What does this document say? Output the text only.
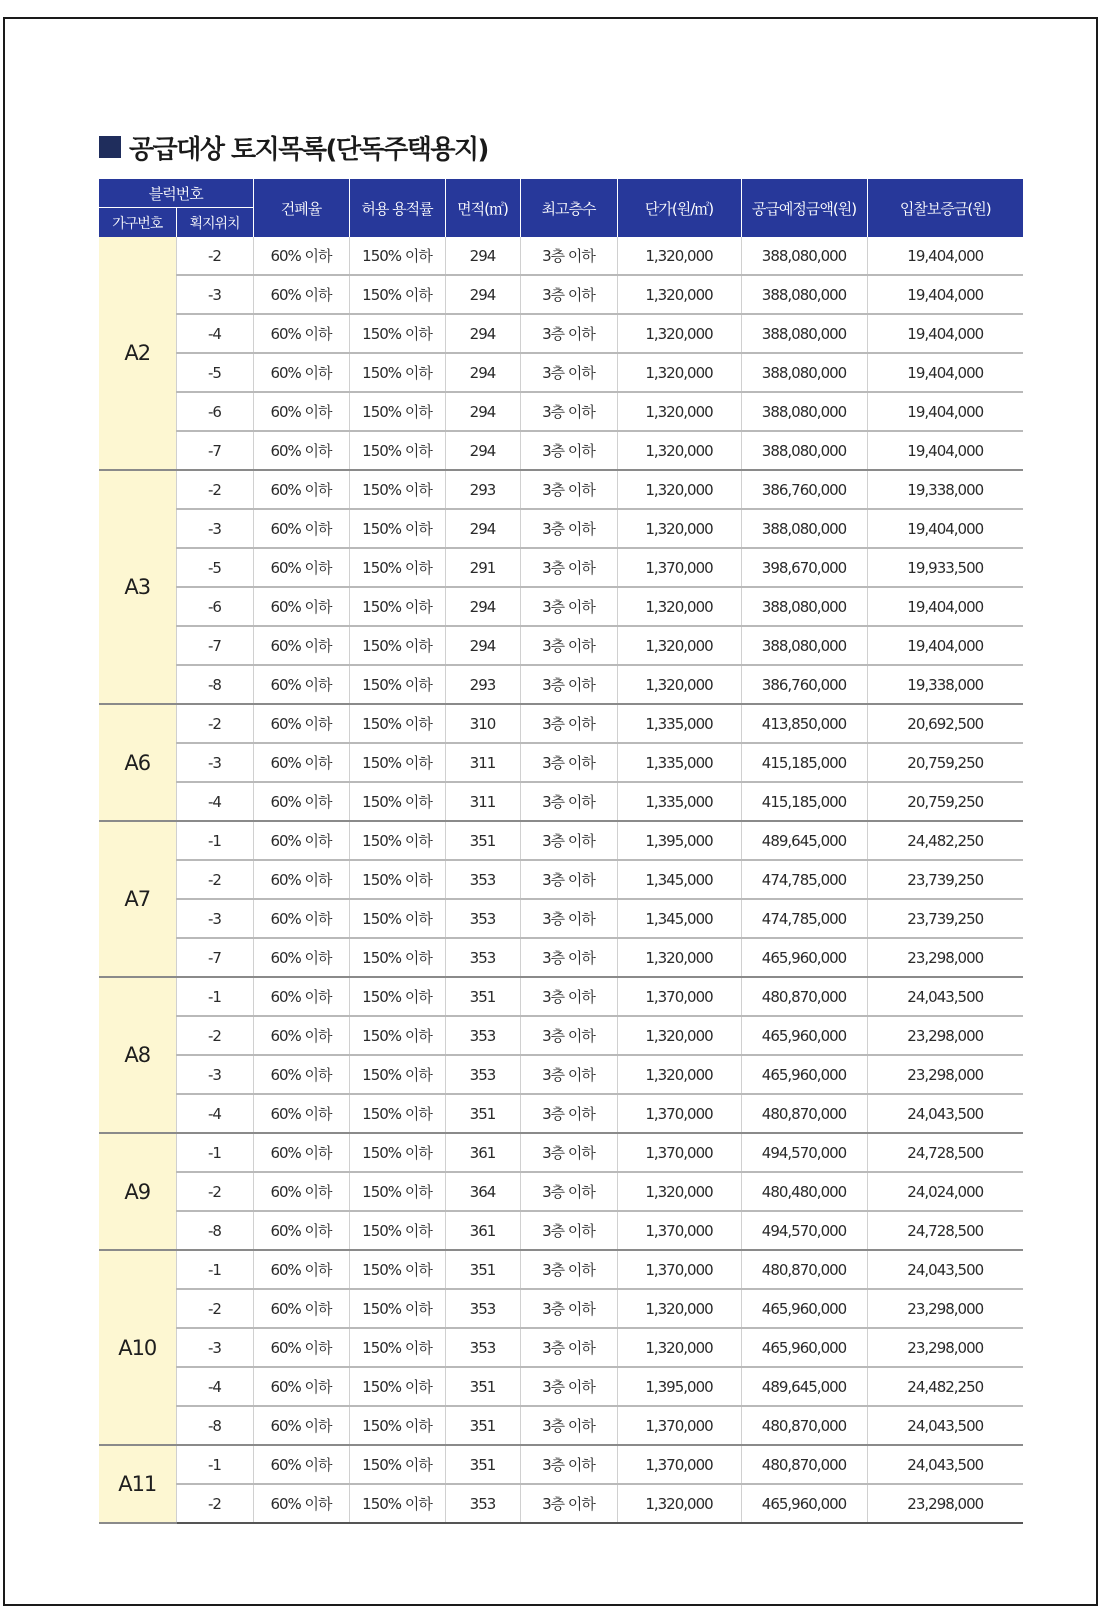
공급대상 토지목록(단독주택용지)
블럭번호		건폐율	허용 용적률	면적(㎡)	최고층수	단가(원/㎡)	공급예정금액(원)	입찰보증금(원)
가구번호	획지위치							
A2	-2	60% 이하	150% 이하	294	3층 이하	1,320,000	388,080,000	19,404,000
	-3	60% 이하	150% 이하	294	3층 이하	1,320,000	388,080,000	19,404,000
	-4	60% 이하	150% 이하	294	3층 이하	1,320,000	388,080,000	19,404,000
	-5	60% 이하	150% 이하	294	3층 이하	1,320,000	388,080,000	19,404,000
	-6	60% 이하	150% 이하	294	3층 이하	1,320,000	388,080,000	19,404,000
	-7	60% 이하	150% 이하	294	3층 이하	1,320,000	388,080,000	19,404,000
A3	-2	60% 이하	150% 이하	293	3층 이하	1,320,000	386,760,000	19,338,000
	-3	60% 이하	150% 이하	294	3층 이하	1,320,000	388,080,000	19,404,000
	-5	60% 이하	150% 이하	291	3층 이하	1,370,000	398,670,000	19,933,500
	-6	60% 이하	150% 이하	294	3층 이하	1,320,000	388,080,000	19,404,000
	-7	60% 이하	150% 이하	294	3층 이하	1,320,000	388,080,000	19,404,000
	-8	60% 이하	150% 이하	293	3층 이하	1,320,000	386,760,000	19,338,000
A6	-2	60% 이하	150% 이하	310	3층 이하	1,335,000	413,850,000	20,692,500
	-3	60% 이하	150% 이하	311	3층 이하	1,335,000	415,185,000	20,759,250
	-4	60% 이하	150% 이하	311	3층 이하	1,335,000	415,185,000	20,759,250
A7	-1	60% 이하	150% 이하	351	3층 이하	1,395,000	489,645,000	24,482,250
	-2	60% 이하	150% 이하	353	3층 이하	1,345,000	474,785,000	23,739,250
	-3	60% 이하	150% 이하	353	3층 이하	1,345,000	474,785,000	23,739,250
	-7	60% 이하	150% 이하	353	3층 이하	1,320,000	465,960,000	23,298,000
A8	-1	60% 이하	150% 이하	351	3층 이하	1,370,000	480,870,000	24,043,500
	-2	60% 이하	150% 이하	353	3층 이하	1,320,000	465,960,000	23,298,000
	-3	60% 이하	150% 이하	353	3층 이하	1,320,000	465,960,000	23,298,000
	-4	60% 이하	150% 이하	351	3층 이하	1,370,000	480,870,000	24,043,500
A9	-1	60% 이하	150% 이하	361	3층 이하	1,370,000	494,570,000	24,728,500
	-2	60% 이하	150% 이하	364	3층 이하	1,320,000	480,480,000	24,024,000
	-8	60% 이하	150% 이하	361	3층 이하	1,370,000	494,570,000	24,728,500
A10	-1	60% 이하	150% 이하	351	3층 이하	1,370,000	480,870,000	24,043,500
	-2	60% 이하	150% 이하	353	3층 이하	1,320,000	465,960,000	23,298,000
	-3	60% 이하	150% 이하	353	3층 이하	1,320,000	465,960,000	23,298,000
	-4	60% 이하	150% 이하	351	3층 이하	1,395,000	489,645,000	24,482,250
	-8	60% 이하	150% 이하	351	3층 이하	1,370,000	480,870,000	24,043,500
A11	-1	60% 이하	150% 이하	351	3층 이하	1,370,000	480,870,000	24,043,500
	-2	60% 이하	150% 이하	353	3층 이하	1,320,000	465,960,000	23,298,000
